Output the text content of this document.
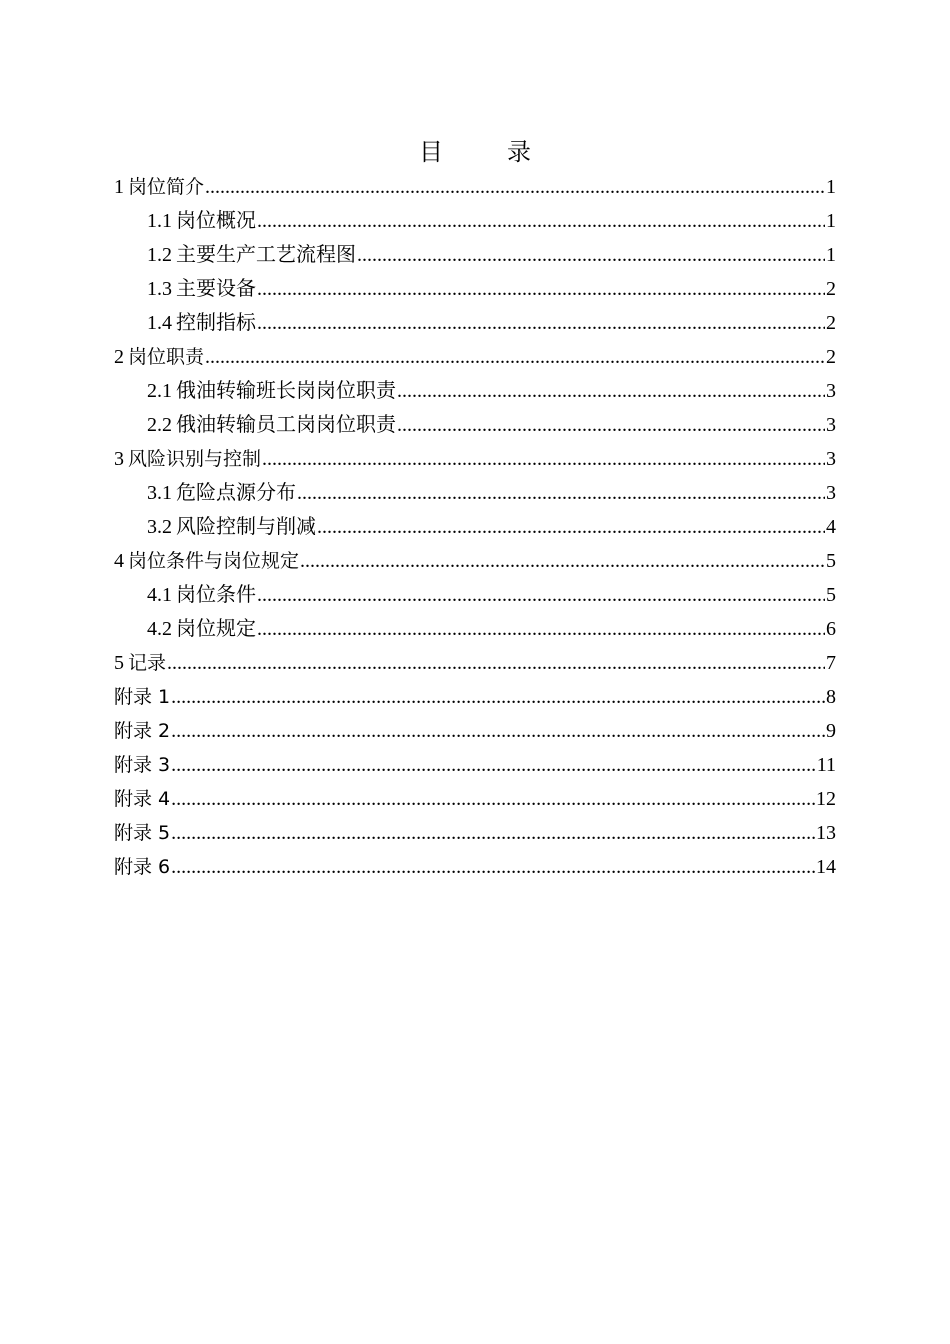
目　录
1 岗位简介 .....	1
1.1 岗位概况 .....	1
1.2 主要生产工艺流程图 .....	1
1.3 主要设备 .....	2
1.4 控制指标 .....	2
2 岗位职责 .....	2
2.1 俄油转输班长岗岗位职责 .....	3
2.2 俄油转输员工岗岗位职责 .....	3
3 风险识别与控制 .....	3
3.1 危险点源分布 .....	3
3.2 风险控制与削减 .....	4
4 岗位条件与岗位规定 .....	5
4.1 岗位条件 .....	5
4.2 岗位规定 .....	6
5 记录 .....	7
附录 1 .....	8
附录 2 .....	9
附录 3 .....	11
附录 4 .....	12
附录 5 .....	13
附录 6 .....	14
